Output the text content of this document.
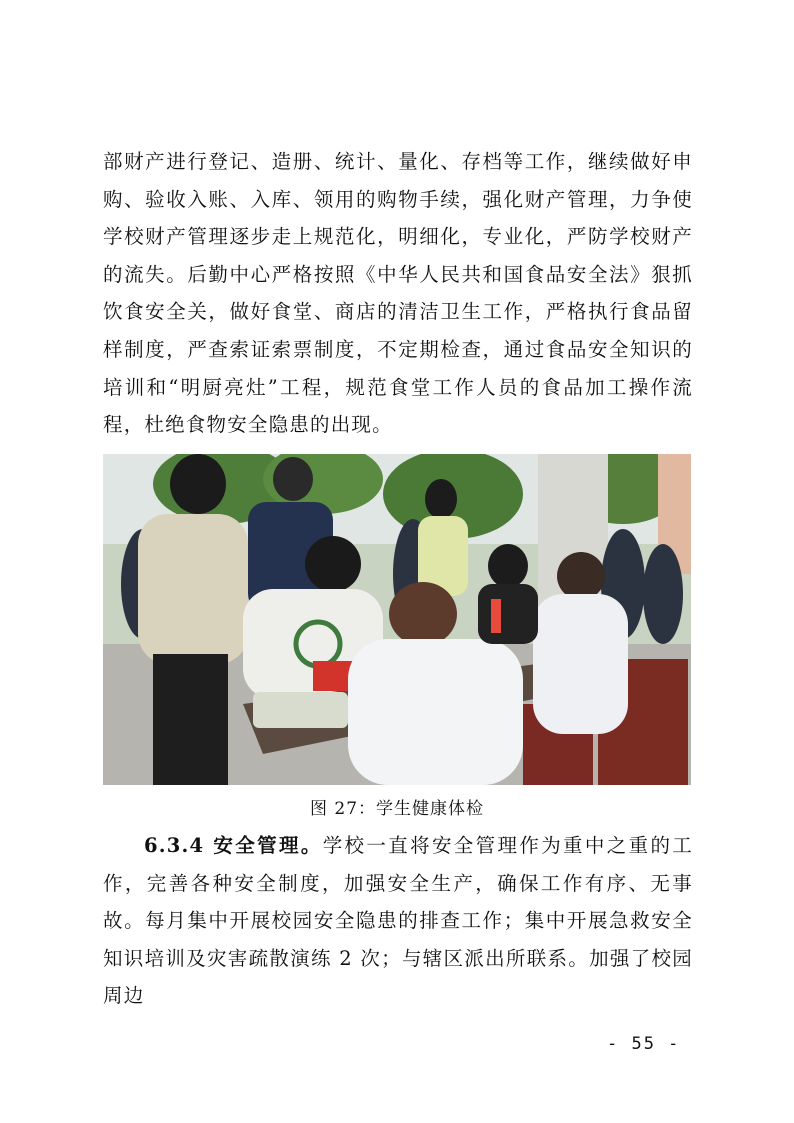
部财产进行登记、造册、统计、量化、存档等工作，继续做好申购、验收入账、入库、领用的购物手续，强化财产管理，力争使学校财产管理逐步走上规范化，明细化，专业化，严防学校财产的流失。后勤中心严格按照《中华人民共和国食品安全法》狠抓饮食安全关，做好食堂、商店的清洁卫生工作，严格执行食品留样制度，严查索证索票制度，不定期检查，通过食品安全知识的培训和“明厨亮灶”工程，规范食堂工作人员的食品加工操作流程，杜绝食物安全隐患的出现。

图 27：学生健康体检

6.3.4 安全管理。学校一直将安全管理作为重中之重的工作，完善各种安全制度，加强安全生产，确保工作有序、无事故。每月集中开展校园安全隐患的排查工作；集中开展急救安全知识培训及灾害疏散演练 2 次；与辖区派出所联系。加强了校园周边

- 55 -
